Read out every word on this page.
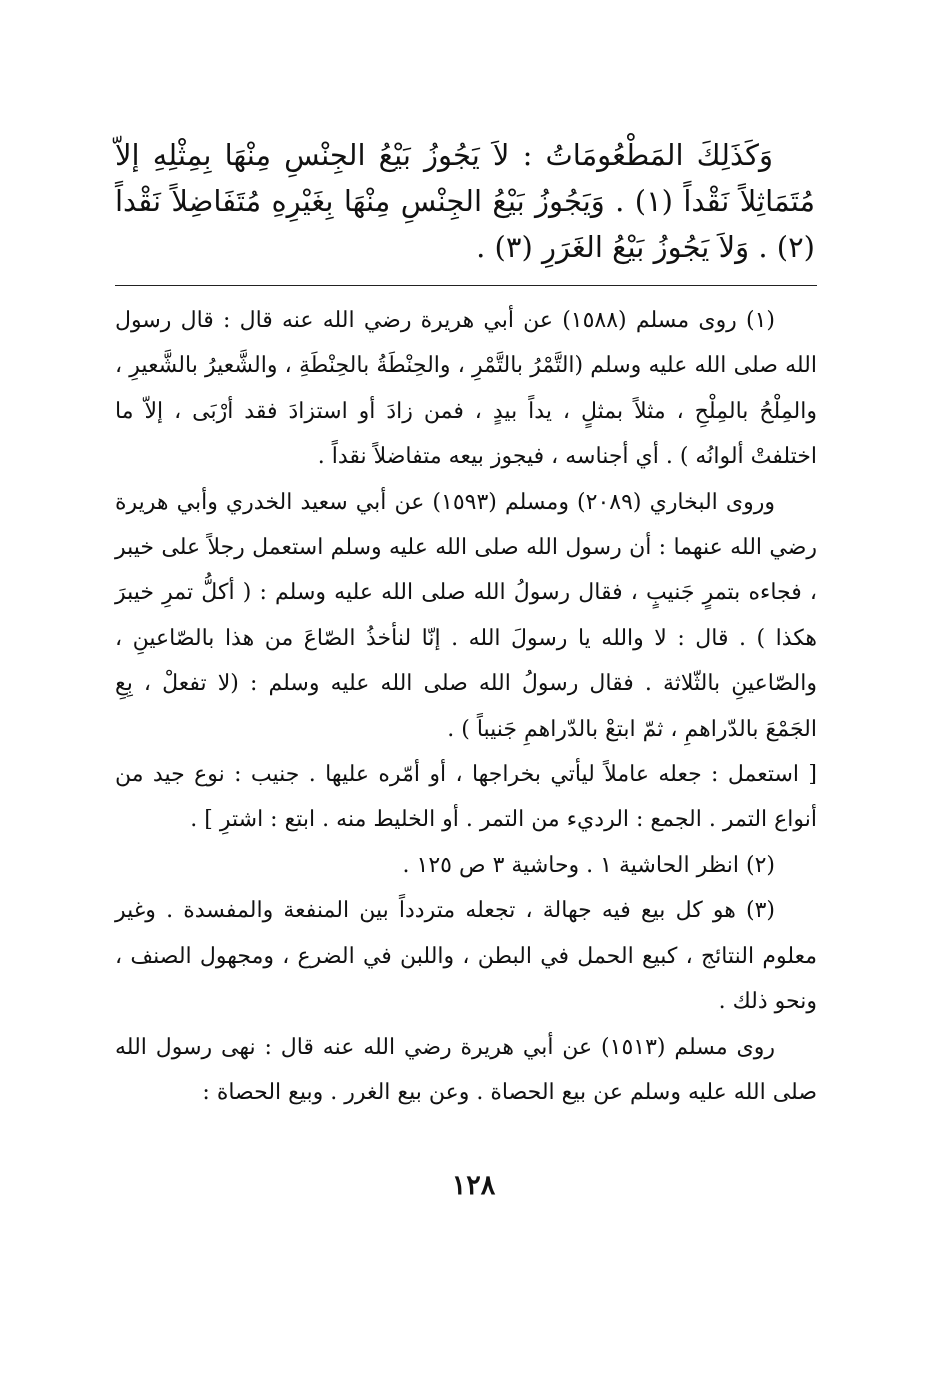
وَكَذَلِكَ المَطْعُومَاتُ : لاَ يَجُوزُ بَيْعُ الجِنْسِ مِنْهَا بِمِثْلِهِ إلاّ مُتَمَاثِلاً نَقْداً (١) . وَيَجُوزُ بَيْعُ الجِنْسِ مِنْهَا بِغَيْرِهِ مُتَفَاضِلاً نَقْداً (٢) . وَلاَ يَجُوزُ بَيْعُ الغَرَرِ (٣) .

(١) روى مسلم (١٥٨٨) عن أبي هريرة رضي الله عنه قال : قال رسول الله صلى الله عليه وسلم (التَّمْرُ بالتَّمْرِ ، والحِنْطَةُ بالحِنْطَةِ ، والشَّعيرُ بالشَّعيرِ ، والمِلْحُ بالمِلْحِ ، مثلاً بمثلٍ ، يداً بيدٍ ، فمن زادَ أو استزادَ فقد أرْبَى ، إلاّ ما اختلفتْ ألوانُه ) . أي أجناسه ، فيجوز بيعه متفاضلاً نقداً .

وروى البخاري (٢٠٨٩) ومسلم (١٥٩٣) عن أبي سعيد الخدري وأبي هريرة رضي الله عنهما : أن رسول الله صلى الله عليه وسلم استعمل رجلاً على خيبر ، فجاءه بتمرٍ جَنيبٍ ، فقال رسولُ الله صلى الله عليه وسلم : ( أكلُّ تمرِ خيبرَ هكذا ) . قال : لا والله يا رسولَ الله . إنّا لنأخذُ الصّاعَ من هذا بالصّاعينِ ، والصّاعينِ بالثّلاثة . فقال رسولُ الله صلى الله عليه وسلم : (لا تفعلْ ، بِعِ الجَمْعَ بالدّراهمِ ، ثمّ ابتعْ بالدّراهمِ جَنيباً ) .

[ استعمل : جعله عاملاً ليأتي بخراجها ، أو أمّره عليها . جنيب : نوع جيد من أنواع التمر . الجمع : الرديء من التمر . أو الخليط منه . ابتع : اشترِ ] .

(٢) انظر الحاشية ١ . وحاشية ٣ ص ١٢٥ .

(٣) هو كل بيع فيه جهالة ، تجعله متردداً بين المنفعة والمفسدة . وغير معلوم النتائج ، كبيع الحمل في البطن ، واللبن في الضرع ، ومجهول الصنف ، ونحو ذلك .

روى مسلم (١٥١٣) عن أبي هريرة رضي الله عنه قال : نهى رسول الله صلى الله عليه وسلم عن بيع الحصاة . وعن بيع الغرر . وبيع الحصاة :

١٢٨
